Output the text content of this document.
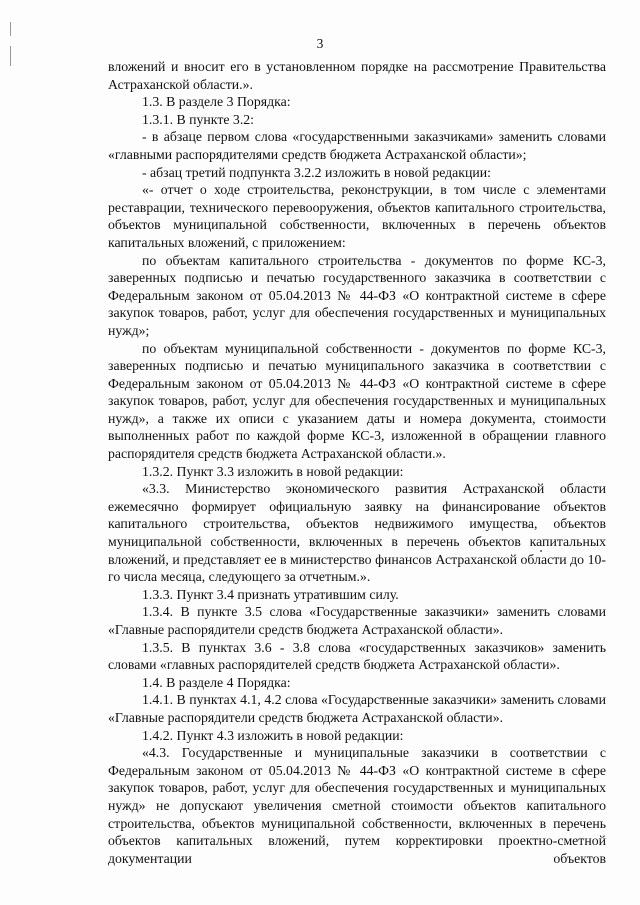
3

вложений и вносит его в установленном порядке на рассмотрение Правительства Астраханской области.».

1.3. В разделе 3 Порядка:

1.3.1. В пункте 3.2:

- в абзаце первом слова «государственными заказчиками» заменить словами «главными распорядителями средств бюджета Астраханской области»;

- абзац третий подпункта 3.2.2 изложить в новой редакции:

«- отчет о ходе строительства, реконструкции, в том числе с элементами реставрации, технического перевооружения, объектов капитального строительства, объектов муниципальной собственности, включенных в перечень объектов капитальных вложений, с приложением:

по объектам капитального строительства - документов по форме КС-3, заверенных подписью и печатью государственного заказчика в соответствии с Федеральным законом от 05.04.2013 № 44-ФЗ «О контрактной системе в сфере закупок товаров, работ, услуг для обеспечения государственных и муниципальных нужд»;

по объектам муниципальной собственности - документов по форме КС-3, заверенных подписью и печатью муниципального заказчика в соответствии с Федеральным законом от 05.04.2013 № 44-ФЗ «О контрактной системе в сфере закупок товаров, работ, услуг для обеспечения государственных и муниципальных нужд», а также их описи с указанием даты и номера документа, стоимости выполненных работ по каждой форме КС-3, изложенной в обращении главного распорядителя средств бюджета Астраханской области.».

1.3.2. Пункт 3.3 изложить в новой редакции:

«3.3. Министерство экономического развития Астраханской области ежемесячно формирует официальную заявку на финансирование объектов капитального строительства, объектов недвижимого имущества, объектов муниципальной собственности, включенных в перечень объектов капитальных вложений, и представляет ее в министерство финансов Астраханской области до 10-го числа месяца, следующего за отчетным.».

1.3.3. Пункт 3.4 признать утратившим силу.

1.3.4. В пункте 3.5 слова «Государственные заказчики» заменить словами «Главные распорядители средств бюджета Астраханской области».

1.3.5. В пунктах 3.6 - 3.8 слова «государственных заказчиков» заменить словами «главных распорядителей средств бюджета Астраханской области».

1.4. В разделе 4 Порядка:

1.4.1. В пунктах 4.1, 4.2 слова «Государственные заказчики» заменить словами «Главные распорядители средств бюджета Астраханской области».

1.4.2. Пункт 4.3 изложить в новой редакции:

«4.3. Государственные и муниципальные заказчики в соответствии с Федеральным законом от 05.04.2013 № 44-ФЗ «О контрактной системе в сфере закупок товаров, работ, услуг для обеспечения государственных и муниципальных нужд» не допускают увеличения сметной стоимости объектов капитального строительства, объектов муниципальной собственности, включенных в перечень объектов капитальных вложений, путем корректировки проектно-сметной документации объектов
